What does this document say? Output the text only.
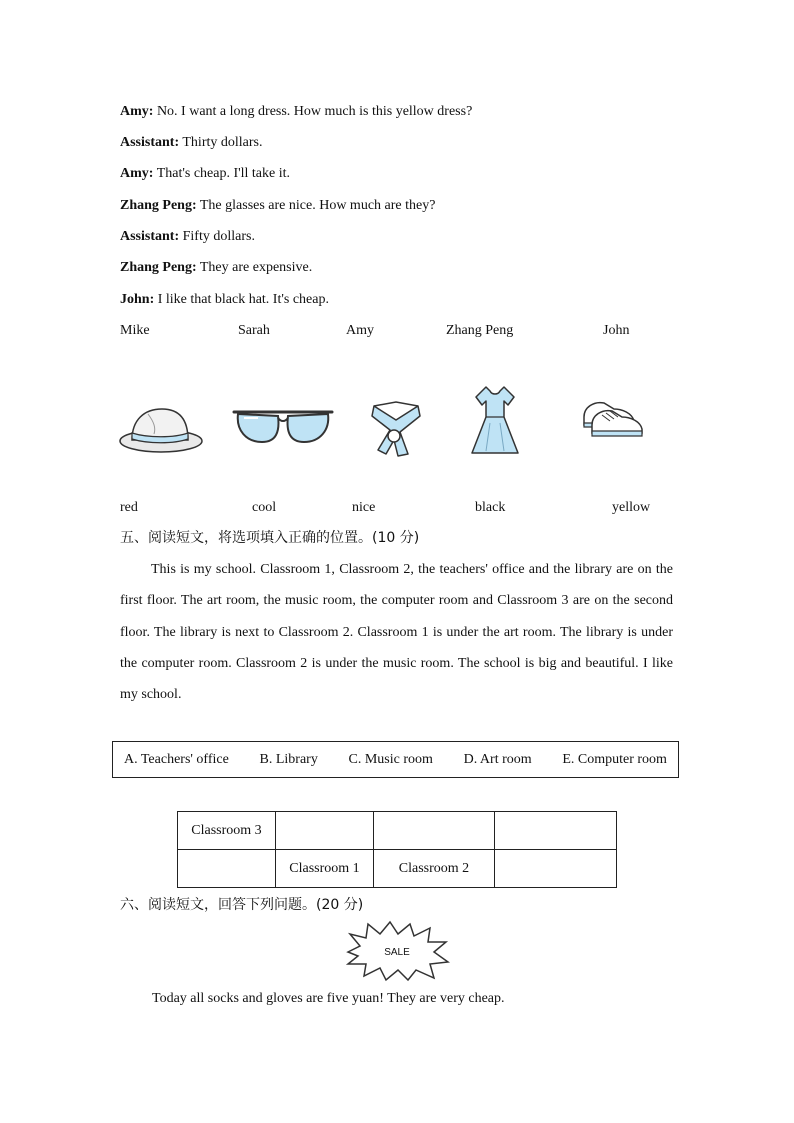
Amy: No. I want a long dress. How much is this yellow dress?
Assistant: Thirty dollars.
Amy: That's cheap. I'll take it.
Zhang Peng: The glasses are nice. How much are they?
Assistant: Fifty dollars.
Zhang Peng: They are expensive.
John: I like that black hat. It's cheap.
Mike	Sarah	Amy	Zhang Peng	John
red	cool	nice	black	yellow
五、阅读短文，将选项填入正确的位置。(10 分)
This is my school. Classroom 1, Classroom 2, the teachers' office and the library are on the first floor. The art room, the music room, the computer room and Classroom 3 are on the second floor. The library is next to Classroom 2. Classroom 1 is under the art room. The library is under the computer room. Classroom 2 is under the music room. The school is big and beautiful. I like my school.
A. Teachers' office B. Library C. Music room D. Art room E. Computer room
Classroom 3			
	Classroom 1	Classroom 2	
六、阅读短文，回答下列问题。(20 分)
SALE
Today all socks and gloves are five yuan! They are very cheap.
